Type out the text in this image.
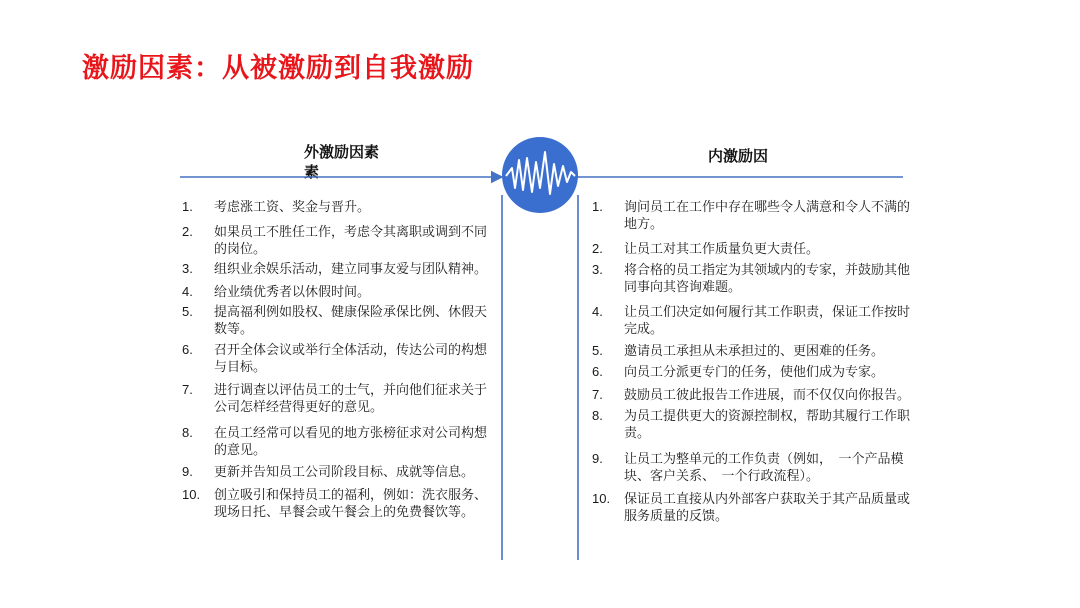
激励因素：从被激励到自我激励
外激励因素素
内激励因
1. 考虑涨工资、奖金与晋升。
2. 如果员工不胜任工作，考虑令其离职或调到不同的岗位。
3. 组织业余娱乐活动，建立同事友爱与团队精神。
4. 给业绩优秀者以休假时间。
5. 提高福利例如股权、健康保险承保比例、休假天数等。
6. 召开全体会议或举行全体活动，传达公司的构想与目标。
7. 进行调查以评估员工的士气，并向他们征求关于公司怎样经营得更好的意见。
8. 在员工经常可以看见的地方张榜征求对公司构想的意见。
9. 更新并告知员工公司阶段目标、成就等信息。
10. 创立吸引和保持员工的福利，例如：洗衣服务、现场日托、早餐会或午餐会上的免费餐饮等。
1. 询问员工在工作中存在哪些令人满意和令人不满的地方。
2. 让员工对其工作质量负更大责任。
3. 将合格的员工指定为其领域内的专家，并鼓励其他同事向其咨询难题。
4. 让员工们决定如何履行其工作职责，保证工作按时完成。
5. 邀请员工承担从未承担过的、更困难的任务。
6. 向员工分派更专门的任务，使他们成为专家。
7. 鼓励员工彼此报告工作进展，而不仅仅向你报告。
8. 为员工提供更大的资源控制权，帮助其履行工作职责。
9. 让员工为整单元的工作负责（例如，　一个产品模块、客户关系、　一个行政流程）。
10. 保证员工直接从内外部客户获取关于其产品质量或服务质量的反馈。
